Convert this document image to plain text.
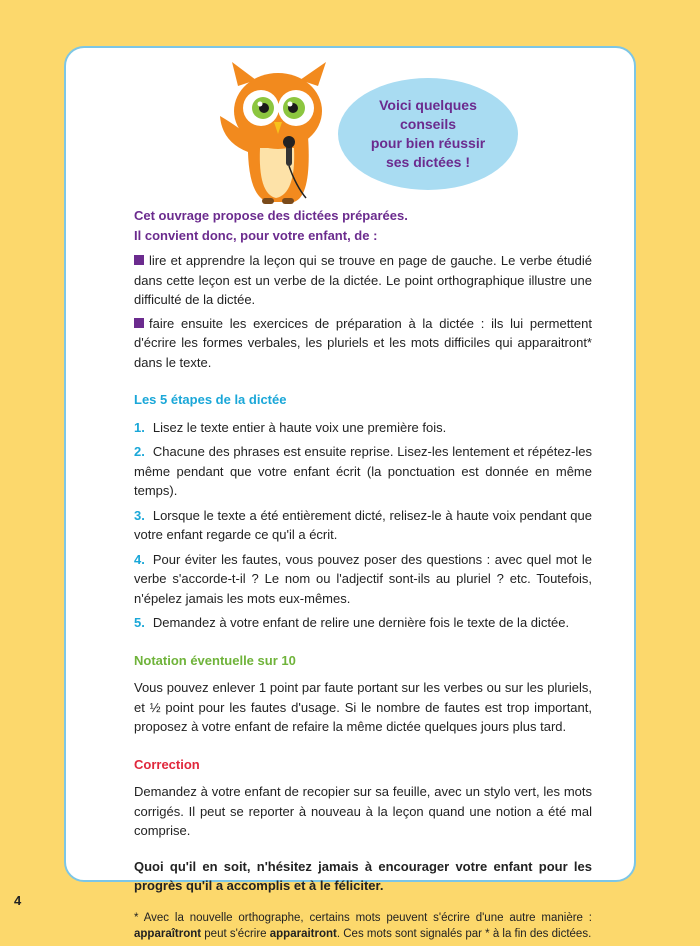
Voici quelques
conseils
pour bien réussir
ses dictées !

Cet ouvrage propose des dictées préparées.
Il convient donc, pour votre enfant, de :

lire et apprendre la leçon qui se trouve en page de gauche. Le verbe étudié dans cette leçon est un verbe de la dictée. Le point orthographique illustre une difficulté de la dictée.

faire ensuite les exercices de préparation à la dictée : ils lui permettent d'écrire les formes verbales, les pluriels et les mots difficiles qui apparaitront* dans le texte.

Les 5 étapes de la dictée
1. Lisez le texte entier à haute voix une première fois.
2. Chacune des phrases est ensuite reprise. Lisez-les lentement et répétez-les même pendant que votre enfant écrit (la ponctuation est donnée en même temps).
3. Lorsque le texte a été entièrement dicté, relisez-le à haute voix pendant que votre enfant regarde ce qu'il a écrit.
4. Pour éviter les fautes, vous pouvez poser des questions : avec quel mot le verbe s'accorde-t-il ? Le nom ou l'adjectif sont-ils au pluriel ? etc. Toutefois, n'épelez jamais les mots eux-mêmes.
5. Demandez à votre enfant de relire une dernière fois le texte de la dictée.
Notation éventuelle sur 10

Vous pouvez enlever 1 point par faute portant sur les verbes ou sur les pluriels, et ½ point pour les fautes d'usage. Si le nombre de fautes est trop important, proposez à votre enfant de refaire la même dictée quelques jours plus tard.

Correction

Demandez à votre enfant de recopier sur sa feuille, avec un stylo vert, les mots corrigés. Il peut se reporter à nouveau à la leçon quand une notion a été mal comprise.

Quoi qu'il en soit, n'hésitez jamais à encourager votre enfant pour les progrès qu'il a accomplis et à le féliciter.

* Avec la nouvelle orthographe, certains mots peuvent s'écrire d'une autre manière : apparaîtront peut s'écrire apparaitront. Ces mots sont signalés par * à la fin des dictées.

4
